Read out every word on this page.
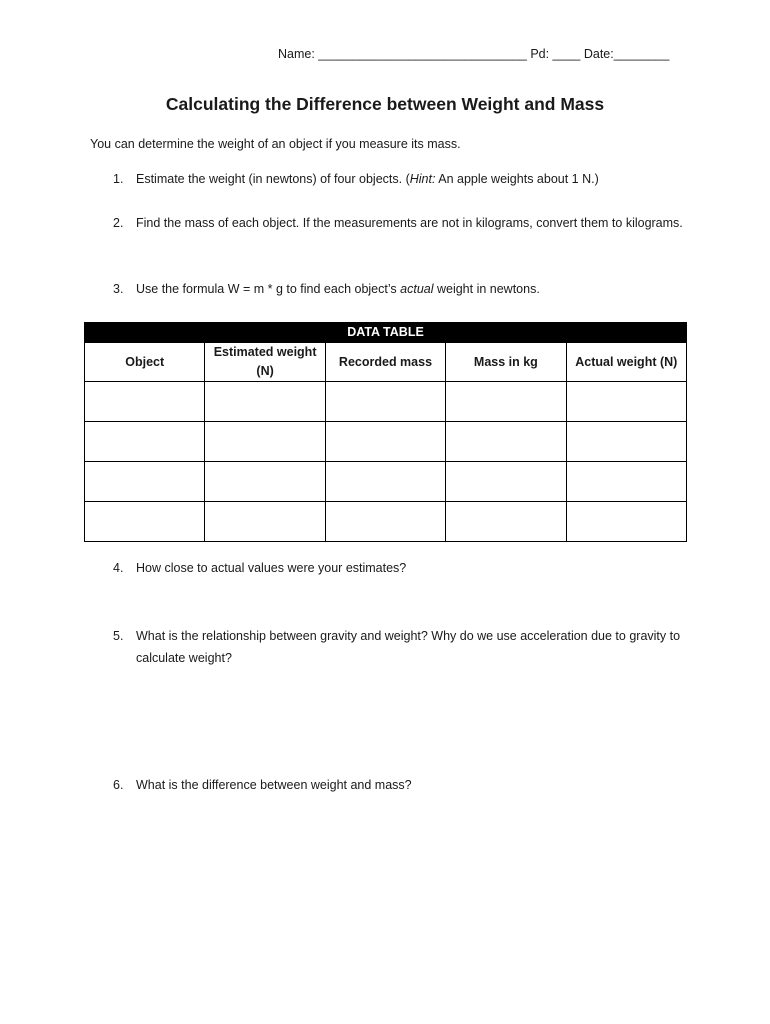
Name: ______________________________ Pd: ____ Date:________
Calculating the Difference between Weight and Mass
You can determine the weight of an object if you measure its mass.
1. Estimate the weight (in newtons) of four objects. (Hint: An apple weights about 1 N.)
2. Find the mass of each object. If the measurements are not in kilograms, convert them to kilograms.
3. Use the formula W = m * g to find each object’s actual weight in newtons.
DATA TABLE
Object	Estimated weight (N)	Recorded mass	Mass in kg	Actual weight (N)

4. How close to actual values were your estimates?
5. What is the relationship between gravity and weight? Why do we use acceleration due to gravity to calculate weight?
6. What is the difference between weight and mass?
